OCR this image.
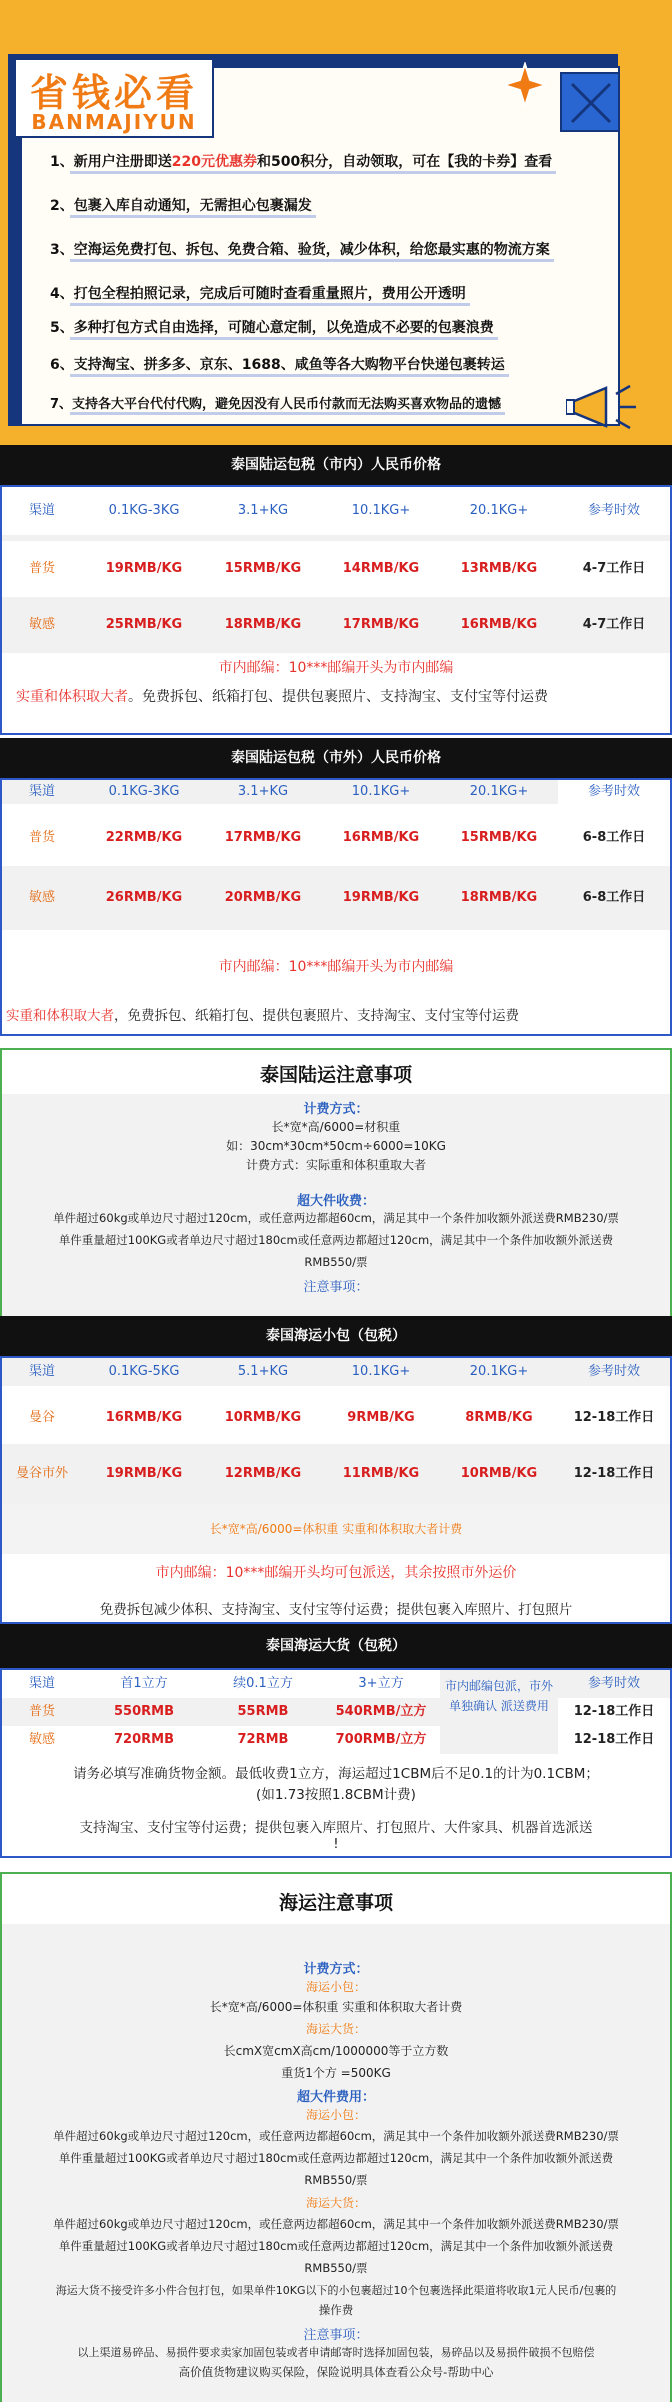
省钱必看
BANMAJIYUN
1、新用户注册即送220元优惠券和500积分，自动领取，可在【我的卡券】查看
2、包裹入库自动通知，无需担心包裹漏发
3、空海运免费打包、拆包、免费合箱、验货，减少体积，给您最实惠的物流方案
4、打包全程拍照记录，完成后可随时查看重量照片，费用公开透明
5、多种打包方式自由选择，可随心意定制，以免造成不必要的包裹浪费
6、支持淘宝、拼多多、京东、1688、咸鱼等各大购物平台快递包裹转运
7、支持各大平台代付代购，避免因没有人民币付款而无法购买喜欢物品的遗憾
泰国陆运包税（市内）人民币价格
渠道	0.1KG-3KG	3.1+KG	10.1KG+	20.1KG+	参考时效
普货	19RMB/KG	15RMB/KG	14RMB/KG	13RMB/KG	4-7工作日
敏感	25RMB/KG	18RMB/KG	17RMB/KG	16RMB/KG	4-7工作日
市内邮编：10***邮编开头为市内邮编
实重和体积取大者。免费拆包、纸箱打包、提供包裹照片、支持淘宝、支付宝等付运费
泰国陆运包税（市外）人民币价格
渠道	0.1KG-3KG	3.1+KG	10.1KG+	20.1KG+	参考时效
普货	22RMB/KG	17RMB/KG	16RMB/KG	15RMB/KG	6-8工作日
敏感	26RMB/KG	20RMB/KG	19RMB/KG	18RMB/KG	6-8工作日
市内邮编：10***邮编开头为市内邮编
实重和体积取大者，免费拆包、纸箱打包、提供包裹照片、支持淘宝、支付宝等付运费
泰国陆运注意事项
计费方式：
长*宽*高/6000=材积重
如：30cm*30cm*50cm÷6000=10KG
计费方式：实际重和体积重取大者
超大件收费：
单件超过60kg或单边尺寸超过120cm，或任意两边都超60cm，满足其中一个条件加收额外派送费RMB230/票
单件重量超过100KG或者单边尺寸超过180cm或任意两边都超过120cm，满足其中一个条件加收额外派送费
RMB550/票
注意事项：
泰国海运小包（包税）
渠道	0.1KG-5KG	5.1+KG	10.1KG+	20.1KG+	参考时效
曼谷	16RMB/KG	10RMB/KG	9RMB/KG	8RMB/KG	12-18工作日
曼谷市外	19RMB/KG	12RMB/KG	11RMB/KG	10RMB/KG	12-18工作日
长*宽*高/6000=体积重 实重和体积取大者计费
市内邮编：10***邮编开头均可包派送，其余按照市外运价
免费拆包减少体积、支持淘宝、支付宝等付运费；提供包裹入库照片、打包照片
泰国海运大货（包税）
渠道	首1立方	续0.1立方	3+立方	参考时效
市内邮编包派，市外单独确认 派送费用
普货	550RMB	55RMB	540RMB/立方	12-18工作日
敏感	720RMB	72RMB	700RMB/立方	12-18工作日
请务必填写准确货物金额。最低收费1立方，海运超过1CBM后不足0.1的计为0.1CBM；
(如1.73按照1.8CBM计费)
支持淘宝、支付宝等付运费；提供包裹入库照片、打包照片、大件家具、机器首选派送
!
海运注意事项
计费方式：
海运小包：
长*宽*高/6000=体积重 实重和体积取大者计费
海运大货：
长cmX宽cmX高cm/1000000等于立方数
重货1个方 =500KG
超大件费用：
海运小包：
单件超过60kg或单边尺寸超过120cm，或任意两边都超60cm，满足其中一个条件加收额外派送费RMB230/票
单件重量超过100KG或者单边尺寸超过180cm或任意两边都超过120cm，满足其中一个条件加收额外派送费
RMB550/票
海运大货：
单件超过60kg或单边尺寸超过120cm，或任意两边都超60cm，满足其中一个条件加收额外派送费RMB230/票
单件重量超过100KG或者单边尺寸超过180cm或任意两边都超过120cm，满足其中一个条件加收额外派送费
RMB550/票
海运大货不接受许多小件合包打包，如果单件10KG以下的小包裹超过10个包裹选择此渠道将收取1元人民币/包裹的
操作费
注意事项：
以上渠道易碎品、易损件要求卖家加固包装或者申请邮寄时选择加固包装，易碎品以及易损件破损不包赔偿
高价值货物建议购买保险，保险说明具体查看公众号-帮助中心
